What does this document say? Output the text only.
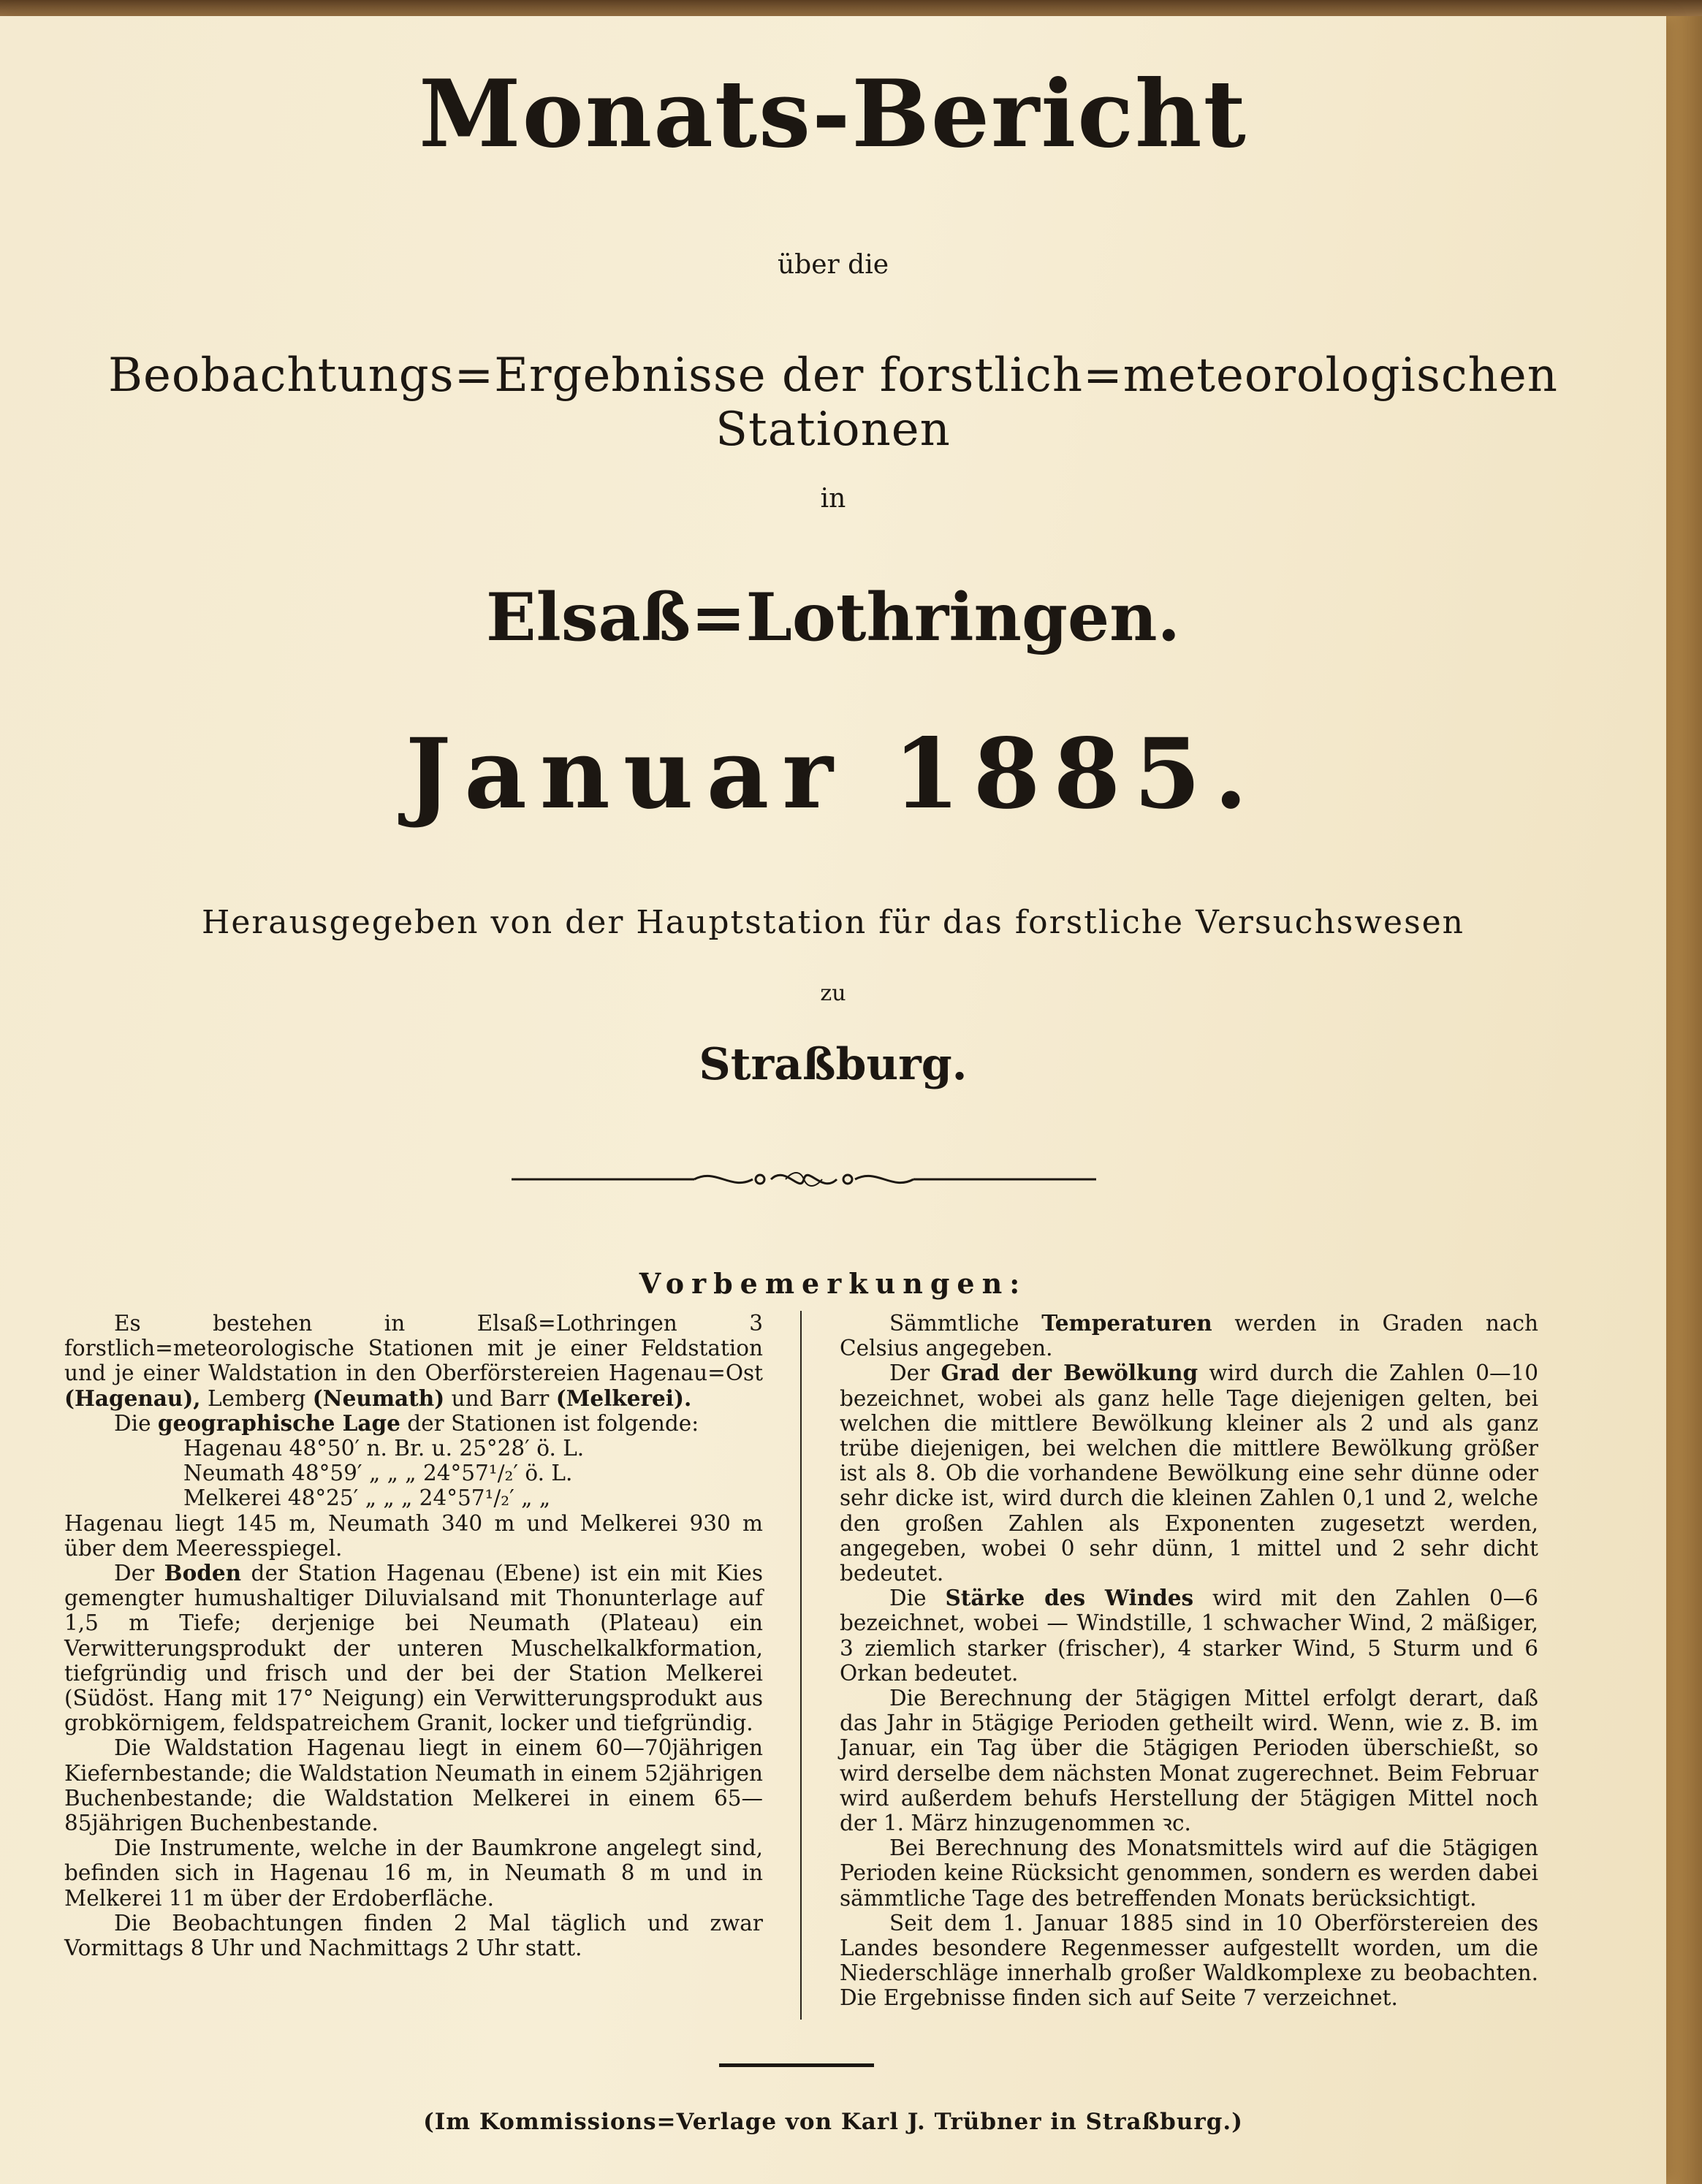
Monats-Bericht

über die

Beobachtungs=Ergebnisse der forstlich=meteorologischen Stationen

in

Elsaß=Lothringen.

Januar 1885.

Herausgegeben von der Hauptstation für das forstliche Versuchswesen

zu

Straßburg.

Vorbemerkungen:

Es bestehen in Elsaß=Lothringen 3 forstlich=meteorologische Stationen mit je einer Feldstation und je einer Waldstation in den Oberförstereien Hagenau=Ost (Hagenau), Lemberg (Neumath) und Barr (Melkerei).

Die geographische Lage der Stationen ist folgende:

Hagenau 48°50′ n. Br. u. 25°28′ ö. L.

Neumath 48°59′ „ „ „ 24°57¹/₂′ ö. L.

Melkerei 48°25′ „ „ „ 24°57¹/₂′ „ „

Hagenau liegt 145 m, Neumath 340 m und Melkerei 930 m über dem Meeresspiegel.

Der Boden der Station Hagenau (Ebene) ist ein mit Kies gemengter humushaltiger Diluvialsand mit Thonunterlage auf 1,5 m Tiefe; derjenige bei Neumath (Plateau) ein Verwitterungsprodukt der unteren Muschelkalkformation, tiefgründig und frisch und der bei der Station Melkerei (Südöst. Hang mit 17° Neigung) ein Verwitterungsprodukt aus grobkörnigem, feldspatreichem Granit, locker und tiefgründig.

Die Waldstation Hagenau liegt in einem 60—70jährigen Kiefernbestande; die Waldstation Neumath in einem 52jährigen Buchenbestande; die Waldstation Melkerei in einem 65—85jährigen Buchenbestande.

Die Instrumente, welche in der Baumkrone angelegt sind, befinden sich in Hagenau 16 m, in Neumath 8 m und in Melkerei 11 m über der Erdoberfläche.

Die Beobachtungen finden 2 Mal täglich und zwar Vormittags 8 Uhr und Nachmittags 2 Uhr statt.

Sämmtliche Temperaturen werden in Graden nach Celsius angegeben.

Der Grad der Bewölkung wird durch die Zahlen 0—10 bezeichnet, wobei als ganz helle Tage diejenigen gelten, bei welchen die mittlere Bewölkung kleiner als 2 und als ganz trübe diejenigen, bei welchen die mittlere Bewölkung größer ist als 8. Ob die vorhandene Bewölkung eine sehr dünne oder sehr dicke ist, wird durch die kleinen Zahlen 0,1 und 2, welche den großen Zahlen als Exponenten zugesetzt werden, angegeben, wobei 0 sehr dünn, 1 mittel und 2 sehr dicht bedeutet.

Die Stärke des Windes wird mit den Zahlen 0—6 bezeichnet, wobei — Windstille, 1 schwacher Wind, 2 mäßiger, 3 ziemlich starker (frischer), 4 starker Wind, 5 Sturm und 6 Orkan bedeutet.

Die Berechnung der 5tägigen Mittel erfolgt derart, daß das Jahr in 5tägige Perioden getheilt wird. Wenn, wie z. B. im Januar, ein Tag über die 5tägigen Perioden überschießt, so wird derselbe dem nächsten Monat zugerechnet. Beim Februar wird außerdem behufs Herstellung der 5tägigen Mittel noch der 1. März hinzugenommen ꝛc.

Bei Berechnung des Monatsmittels wird auf die 5tägigen Perioden keine Rücksicht genommen, sondern es werden dabei sämmtliche Tage des betreffenden Monats berücksichtigt.

Seit dem 1. Januar 1885 sind in 10 Oberförstereien des Landes besondere Regenmesser aufgestellt worden, um die Niederschläge innerhalb großer Waldkomplexe zu beobachten. Die Ergebnisse finden sich auf Seite 7 verzeichnet.

(Im Kommissions=Verlage von Karl J. Trübner in Straßburg.)
